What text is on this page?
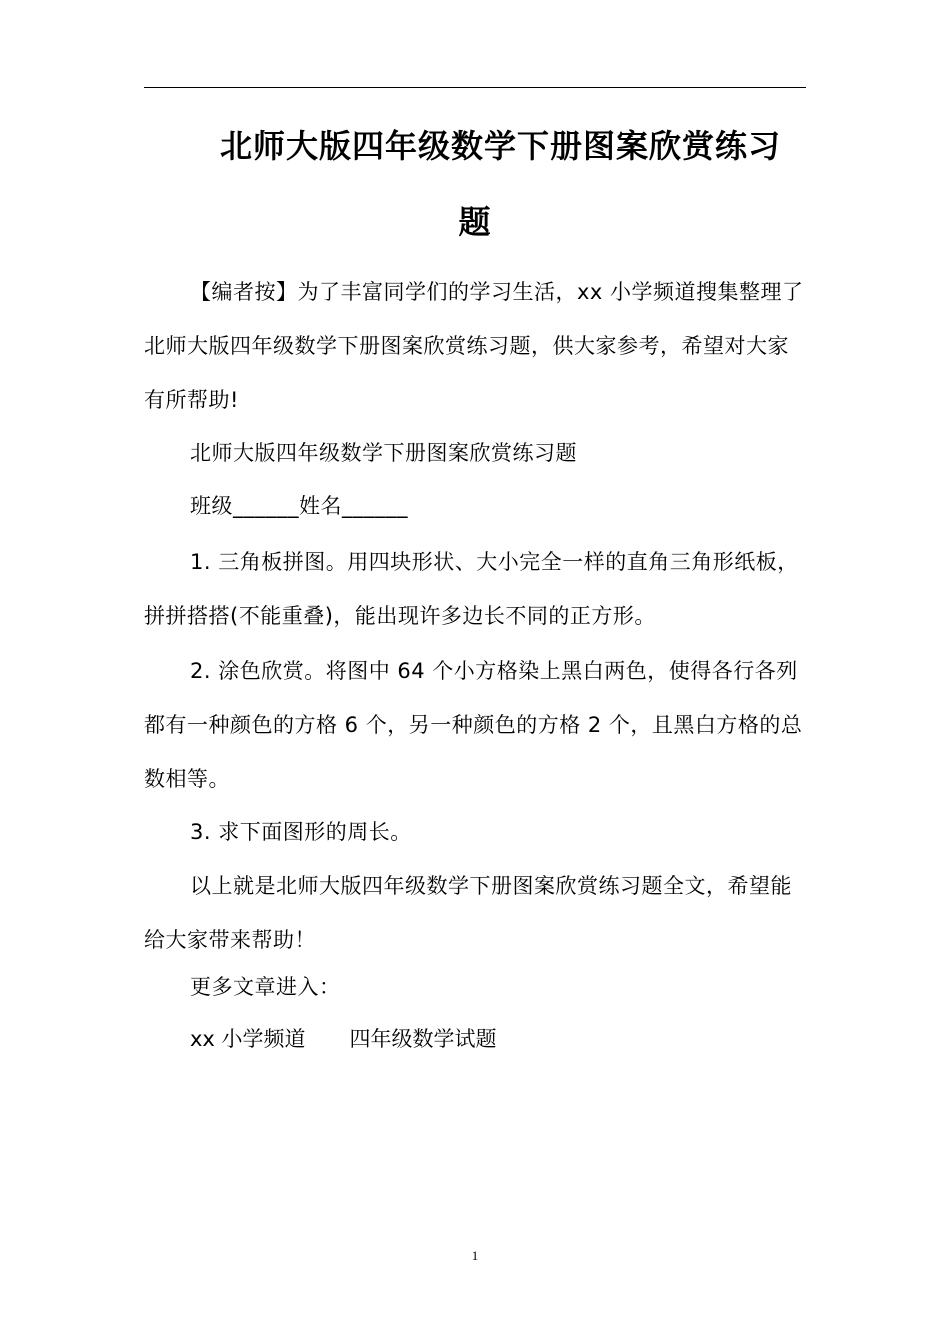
北师大版四年级数学下册图案欣赏练习
题
【编者按】为了丰富同学们的学习生活，xx 小学频道搜集整理了北师大版四年级数学下册图案欣赏练习题，供大家参考，希望对大家有所帮助!
北师大版四年级数学下册图案欣赏练习题
班级______姓名______
1. 三角板拼图。用四块形状、大小完全一样的直角三角形纸板，拼拼搭搭(不能重叠)，能出现许多边长不同的正方形。
2. 涂色欣赏。将图中 64 个小方格染上黑白两色，使得各行各列都有一种颜色的方格 6 个，另一种颜色的方格 2 个，且黑白方格的总数相等。
3. 求下面图形的周长。
以上就是北师大版四年级数学下册图案欣赏练习题全文，希望能给大家带来帮助！
更多文章进入：
xx 小学频道 四年级数学试题
1
